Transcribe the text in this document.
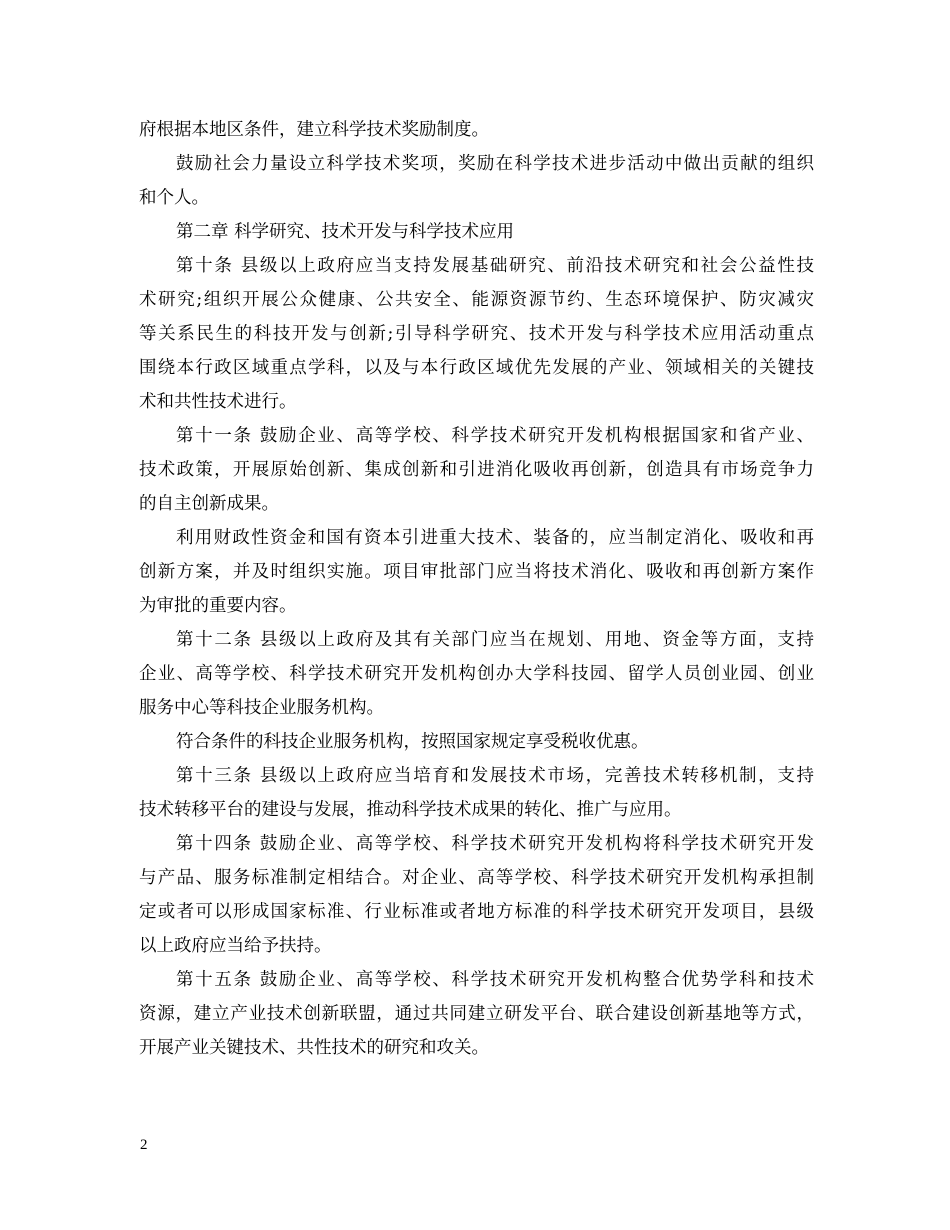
府根据本地区条件，建立科学技术奖励制度。
鼓励社会力量设立科学技术奖项，奖励在科学技术进步活动中做出贡献的组织
和个人。
第二章 科学研究、技术开发与科学技术应用
第十条 县级以上政府应当支持发展基础研究、前沿技术研究和社会公益性技
术研究;组织开展公众健康、公共安全、能源资源节约、生态环境保护、防灾减灾
等关系民生的科技开发与创新;引导科学研究、技术开发与科学技术应用活动重点
围绕本行政区域重点学科，以及与本行政区域优先发展的产业、领域相关的关键技
术和共性技术进行。
第十一条 鼓励企业、高等学校、科学技术研究开发机构根据国家和省产业、
技术政策，开展原始创新、集成创新和引进消化吸收再创新，创造具有市场竞争力
的自主创新成果。
利用财政性资金和国有资本引进重大技术、装备的，应当制定消化、吸收和再
创新方案，并及时组织实施。项目审批部门应当将技术消化、吸收和再创新方案作
为审批的重要内容。
第十二条 县级以上政府及其有关部门应当在规划、用地、资金等方面，支持
企业、高等学校、科学技术研究开发机构创办大学科技园、留学人员创业园、创业
服务中心等科技企业服务机构。
符合条件的科技企业服务机构，按照国家规定享受税收优惠。
第十三条 县级以上政府应当培育和发展技术市场，完善技术转移机制，支持
技术转移平台的建设与发展，推动科学技术成果的转化、推广与应用。
第十四条 鼓励企业、高等学校、科学技术研究开发机构将科学技术研究开发
与产品、服务标准制定相结合。对企业、高等学校、科学技术研究开发机构承担制
定或者可以形成国家标准、行业标准或者地方标准的科学技术研究开发项目，县级
以上政府应当给予扶持。
第十五条 鼓励企业、高等学校、科学技术研究开发机构整合优势学科和技术
资源，建立产业技术创新联盟，通过共同建立研发平台、联合建设创新基地等方式，
开展产业关键技术、共性技术的研究和攻关。
2
